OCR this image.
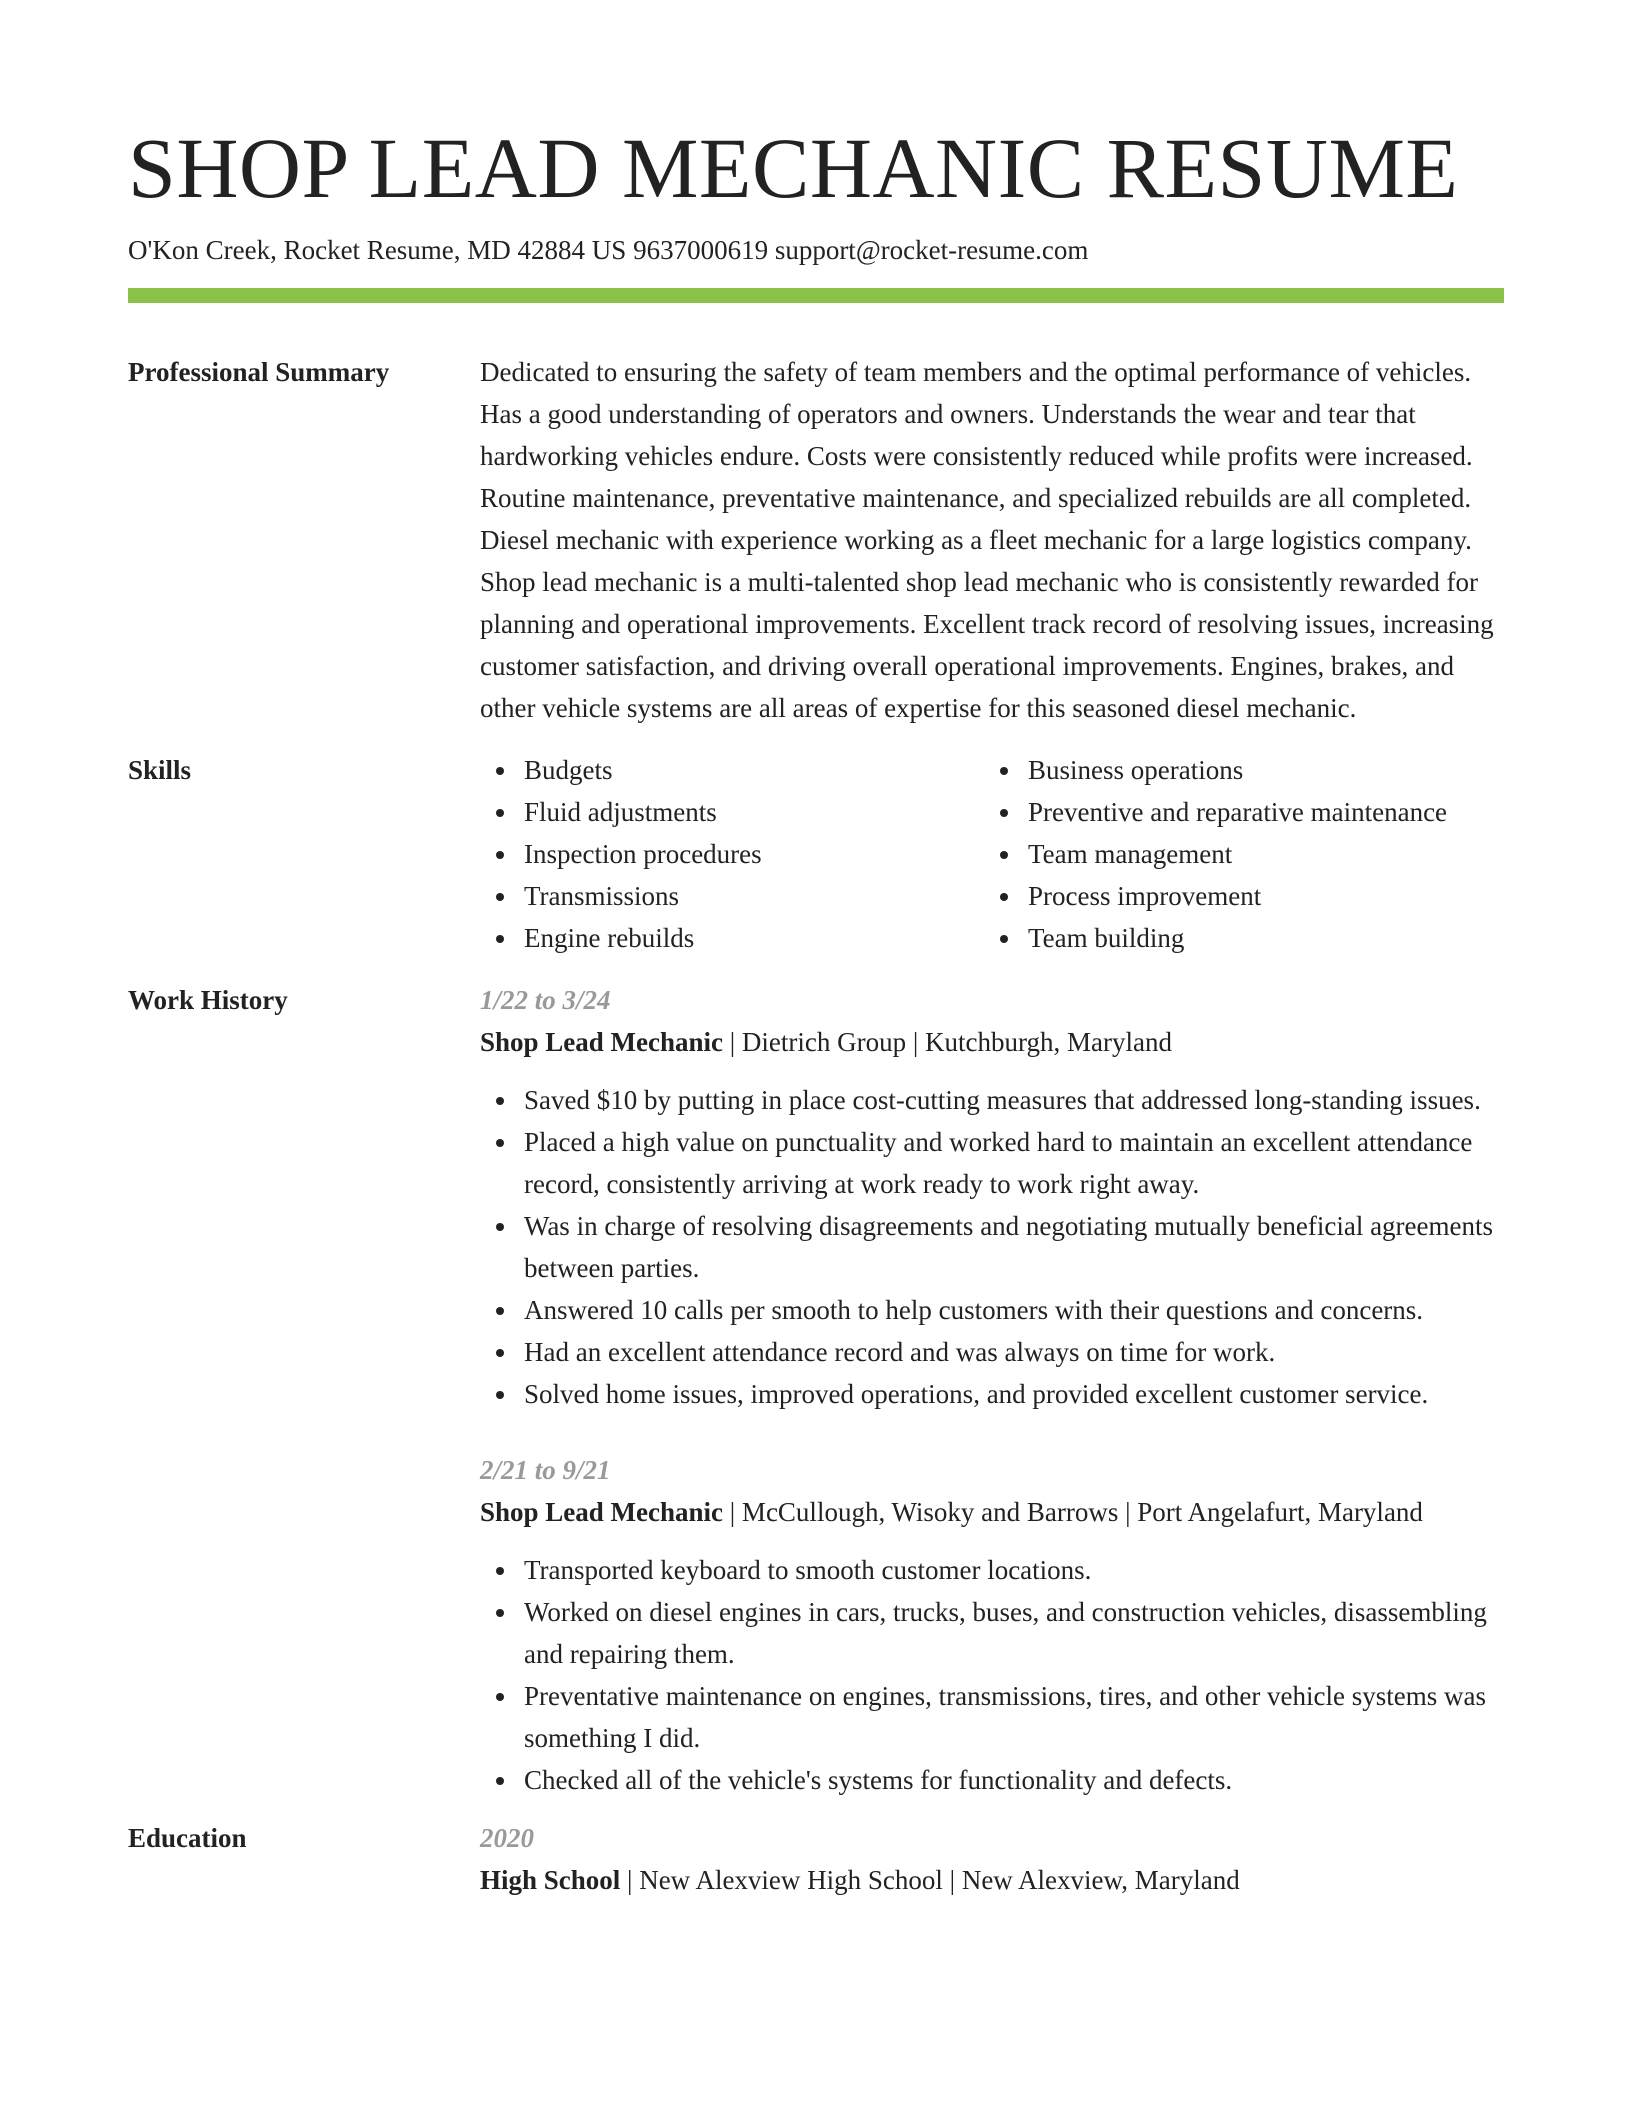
SHOP LEAD MECHANIC RESUME
O'Kon Creek, Rocket Resume, MD 42884 US 9637000619 support@rocket-resume.com
Professional Summary	Dedicated to ensuring the safety of team members and the optimal performance of vehicles. Has a good understanding of operators and owners. Understands the wear and tear that hardworking vehicles endure. Costs were consistently reduced while profits were increased. Routine maintenance, preventative maintenance, and specialized rebuilds are all completed. Diesel mechanic with experience working as a fleet mechanic for a large logistics company. Shop lead mechanic is a multi-talented shop lead mechanic who is consistently rewarded for planning and operational improvements. Excellent track record of resolving issues, increasing customer satisfaction, and driving overall operational improvements. Engines, brakes, and other vehicle systems are all areas of expertise for this seasoned diesel mechanic.
Skills	Budgets
Fluid adjustments
Inspection procedures
Transmissions
Engine rebuilds
Business operations
Preventive and reparative maintenance
Team management
Process improvement
Team building
Work History	1/22 to 3/24
Shop Lead Mechanic | Dietrich Group | Kutchburgh, Maryland
Saved $10 by putting in place cost-cutting measures that addressed long-standing issues.
Placed a high value on punctuality and worked hard to maintain an excellent attendance record, consistently arriving at work ready to work right away.
Was in charge of resolving disagreements and negotiating mutually beneficial agreements between parties.
Answered 10 calls per smooth to help customers with their questions and concerns.
Had an excellent attendance record and was always on time for work.
Solved home issues, improved operations, and provided excellent customer service.
2/21 to 9/21
Shop Lead Mechanic | McCullough, Wisoky and Barrows | Port Angelafurt, Maryland
Transported keyboard to smooth customer locations.
Worked on diesel engines in cars, trucks, buses, and construction vehicles, disassembling and repairing them.
Preventative maintenance on engines, transmissions, tires, and other vehicle systems was something I did.
Checked all of the vehicle's systems for functionality and defects.
Education	2020
High School | New Alexview High School | New Alexview, Maryland
